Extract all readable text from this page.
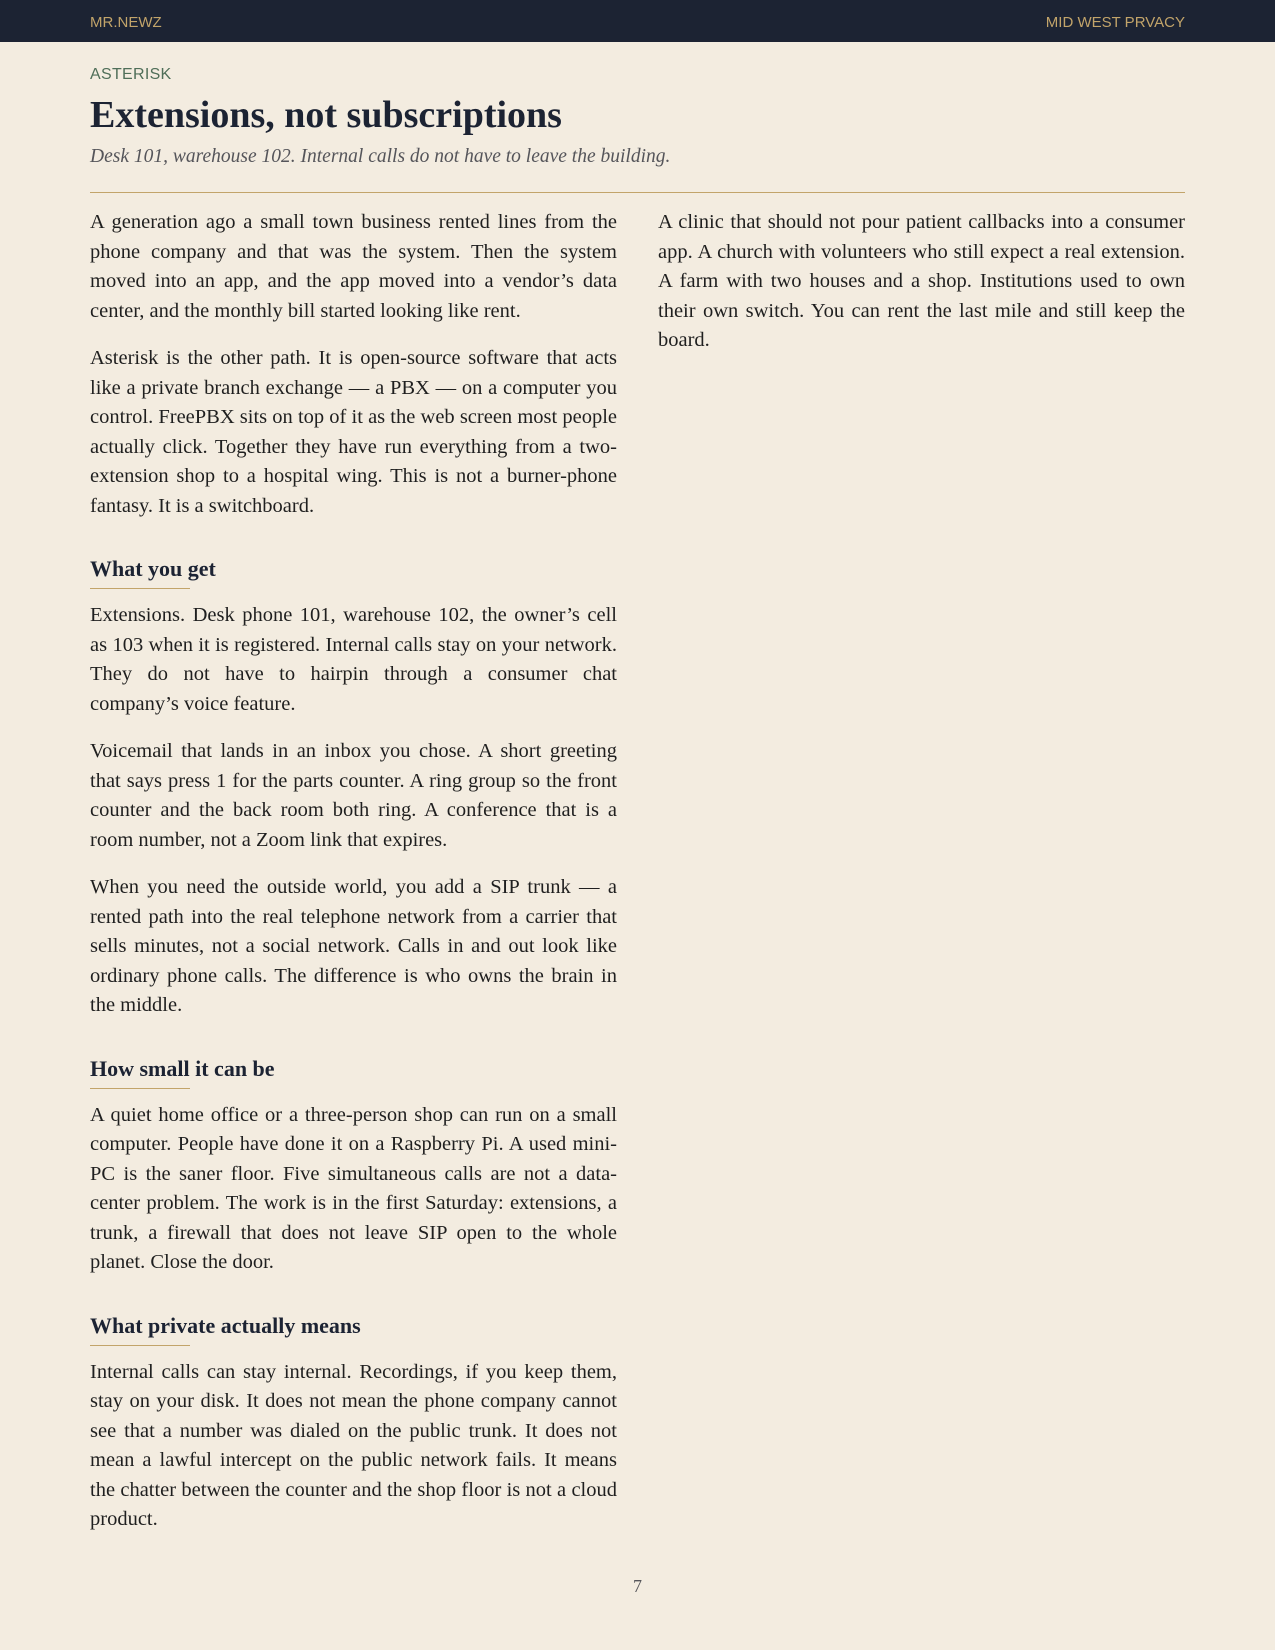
MR.NEWZ	MID WEST PRVACY
ASTERISK
Extensions, not subscriptions
Desk 101, warehouse 102. Internal calls do not have to leave the building.

A generation ago a small town business rented lines from the phone company and that was the system. Then the system moved into an app, and the app moved into a vendor’s data center, and the monthly bill started looking like rent.

Asterisk is the other path. It is open-source software that acts like a private branch exchange — a PBX — on a computer you control. FreePBX sits on top of it as the web screen most people actually click. Together they have run everything from a two-extension shop to a hospital wing. This is not a burner-phone fantasy. It is a switchboard.

What you get

Extensions. Desk phone 101, warehouse 102, the owner’s cell as 103 when it is registered. Internal calls stay on your network. They do not have to hairpin through a consumer chat company’s voice feature.

Voicemail that lands in an inbox you chose. A short greeting that says press 1 for the parts counter. A ring group so the front counter and the back room both ring. A conference that is a room number, not a Zoom link that expires.

When you need the outside world, you add a SIP trunk — a rented path into the real telephone network from a carrier that sells minutes, not a social network. Calls in and out look like ordinary phone calls. The difference is who owns the brain in the middle.

How small it can be

A quiet home office or a three-person shop can run on a small computer. People have done it on a Raspberry Pi. A used mini-PC is the saner floor. Five simultaneous calls are not a data-center problem. The work is in the first Saturday: extensions, a trunk, a firewall that does not leave SIP open to the whole planet. Close the door.

What private actually means

Internal calls can stay internal. Recordings, if you keep them, stay on your disk. It does not mean the phone company cannot see that a number was dialed on the public trunk. It does not mean a lawful intercept on the public network fails. It means the chatter between the counter and the shop floor is not a cloud product.

A clinic that should not pour patient callbacks into a consumer app. A church with volunteers who still expect a real extension. A farm with two houses and a shop. Institutions used to own their own switch. You can rent the last mile and still keep the board.

7
